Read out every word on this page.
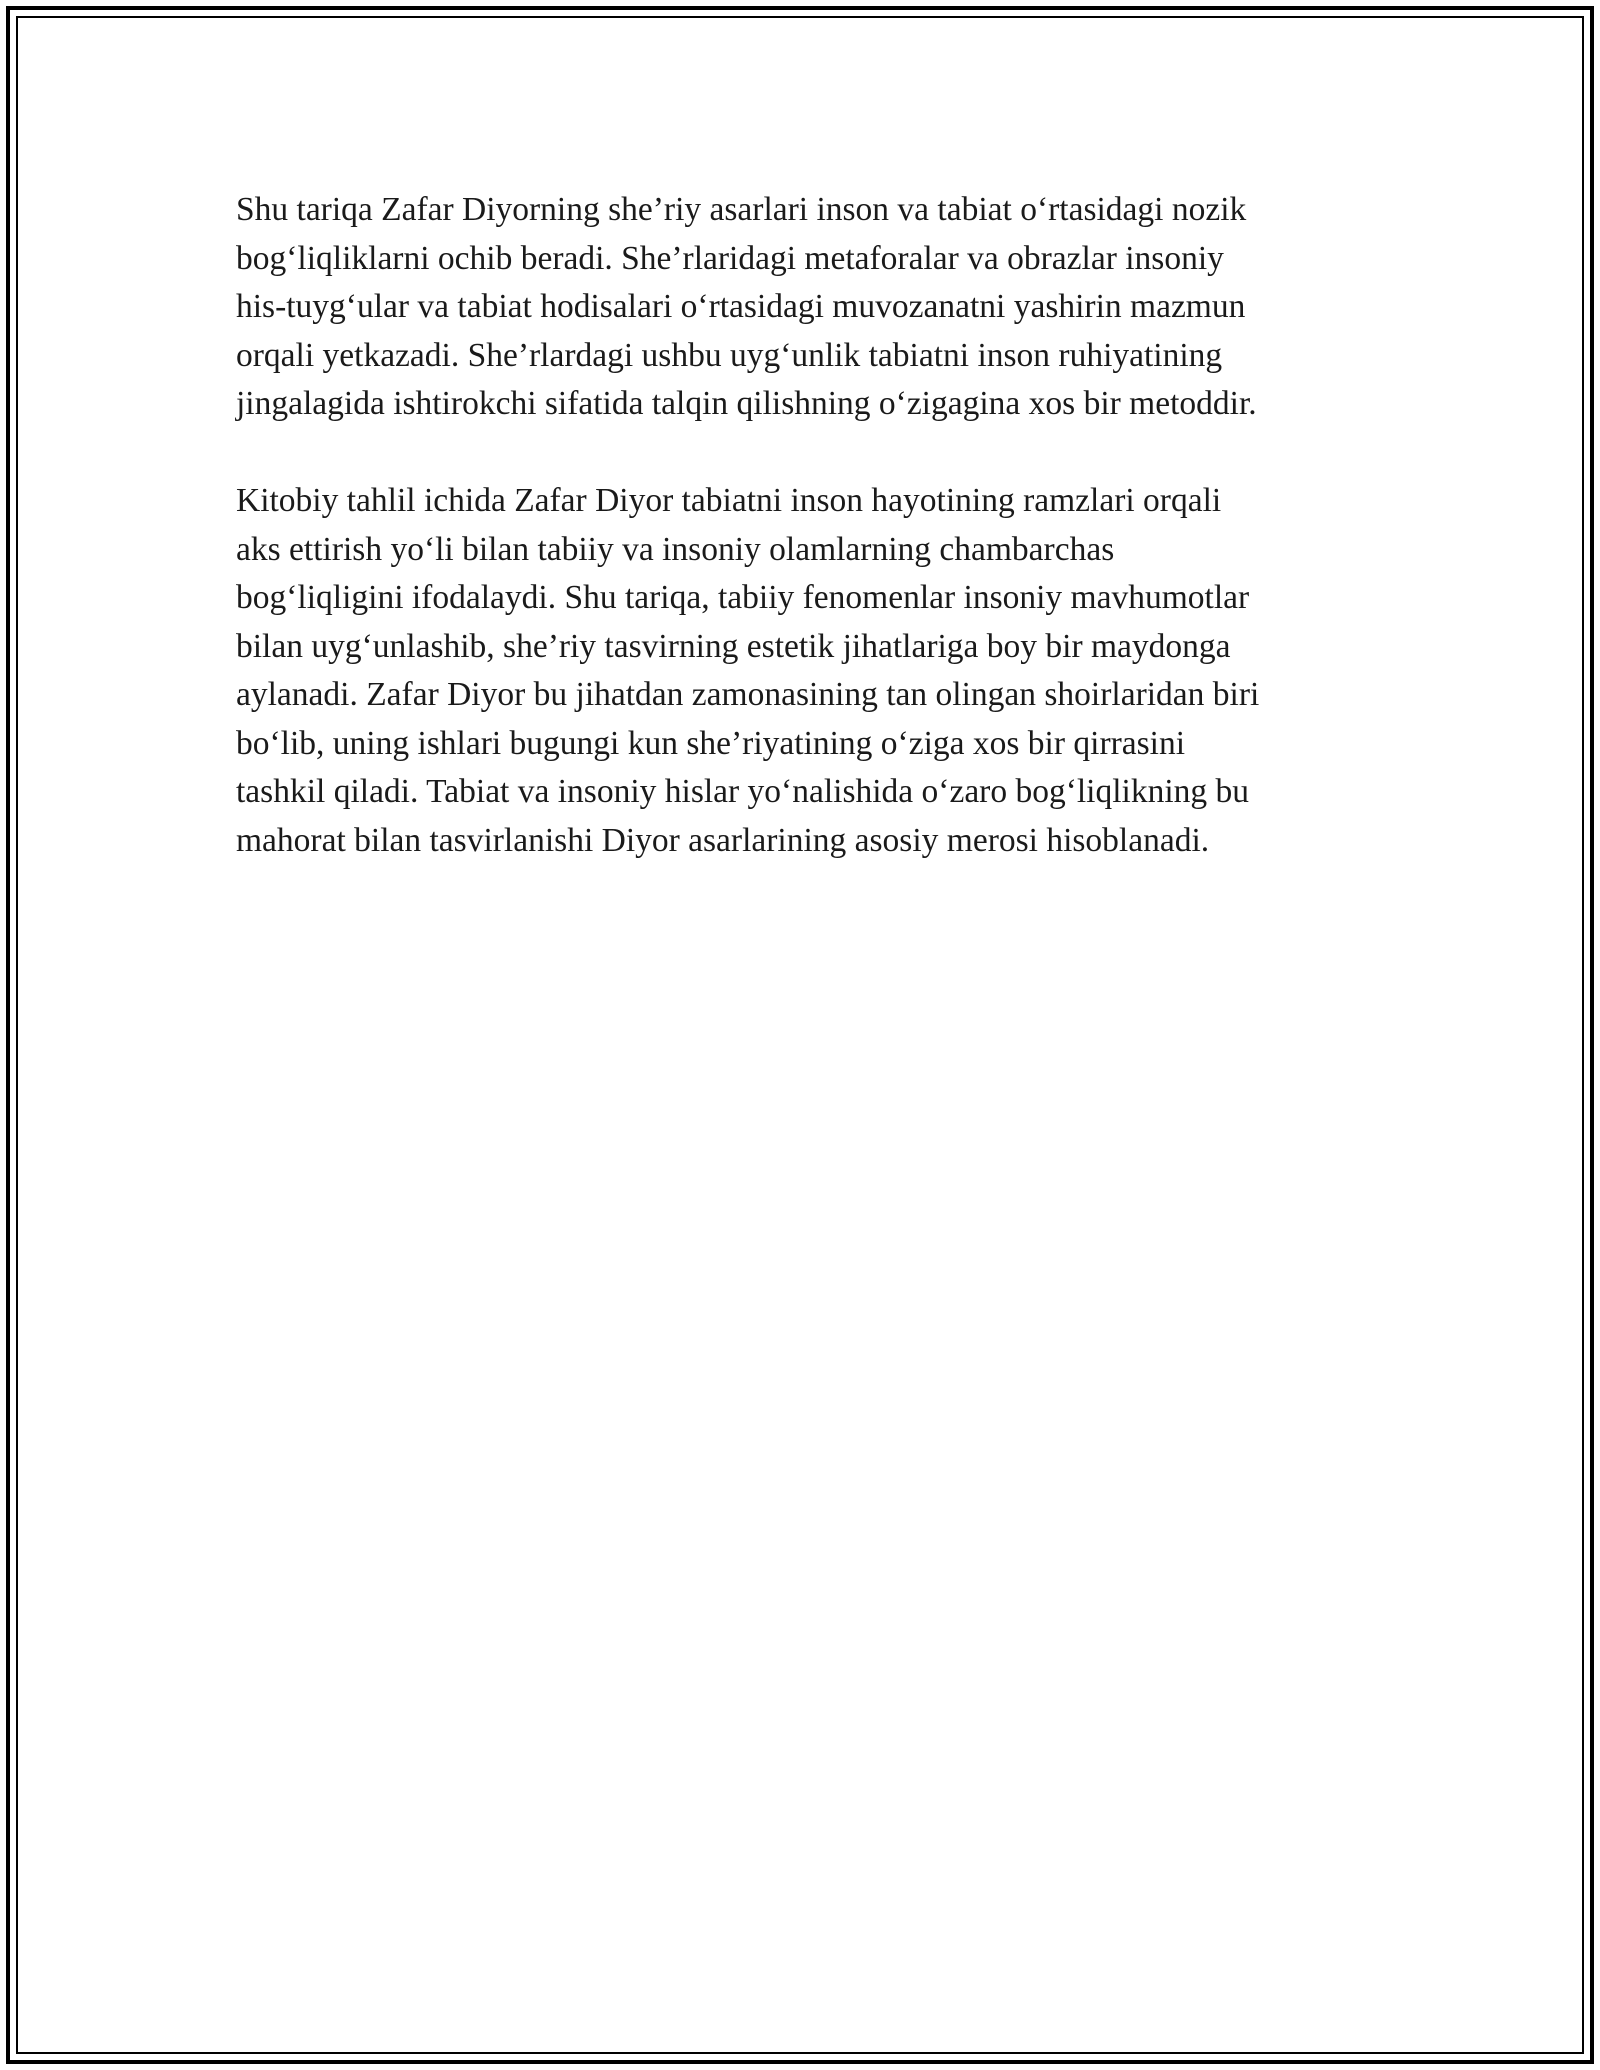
Shu tariqa Zafar Diyorning she’riy asarlari inson va tabiat o‘rtasidagi nozik
bog‘liqliklarni ochib beradi. She’rlaridagi metaforalar va obrazlar insoniy
his-tuyg‘ular va tabiat hodisalari o‘rtasidagi muvozanatni yashirin mazmun
orqali yetkazadi. She’rlardagi ushbu uyg‘unlik tabiatni inson ruhiyatining
jingalagida ishtirokchi sifatida talqin qilishning o‘zigagina xos bir metoddir.

Kitobiy tahlil ichida Zafar Diyor tabiatni inson hayotining ramzlari orqali
aks ettirish yo‘li bilan tabiiy va insoniy olamlarning chambarchas
bog‘liqligini ifodalaydi. Shu tariqa, tabiiy fenomenlar insoniy mavhumotlar
bilan uyg‘unlashib, she’riy tasvirning estetik jihatlariga boy bir maydonga
aylanadi. Zafar Diyor bu jihatdan zamonasining tan olingan shoirlaridan biri
bo‘lib, uning ishlari bugungi kun she’riyatining o‘ziga xos bir qirrasini
tashkil qiladi. Tabiat va insoniy hislar yo‘nalishida o‘zaro bog‘liqlikning bu
mahorat bilan tasvirlanishi Diyor asarlarining asosiy merosi hisoblanadi.
